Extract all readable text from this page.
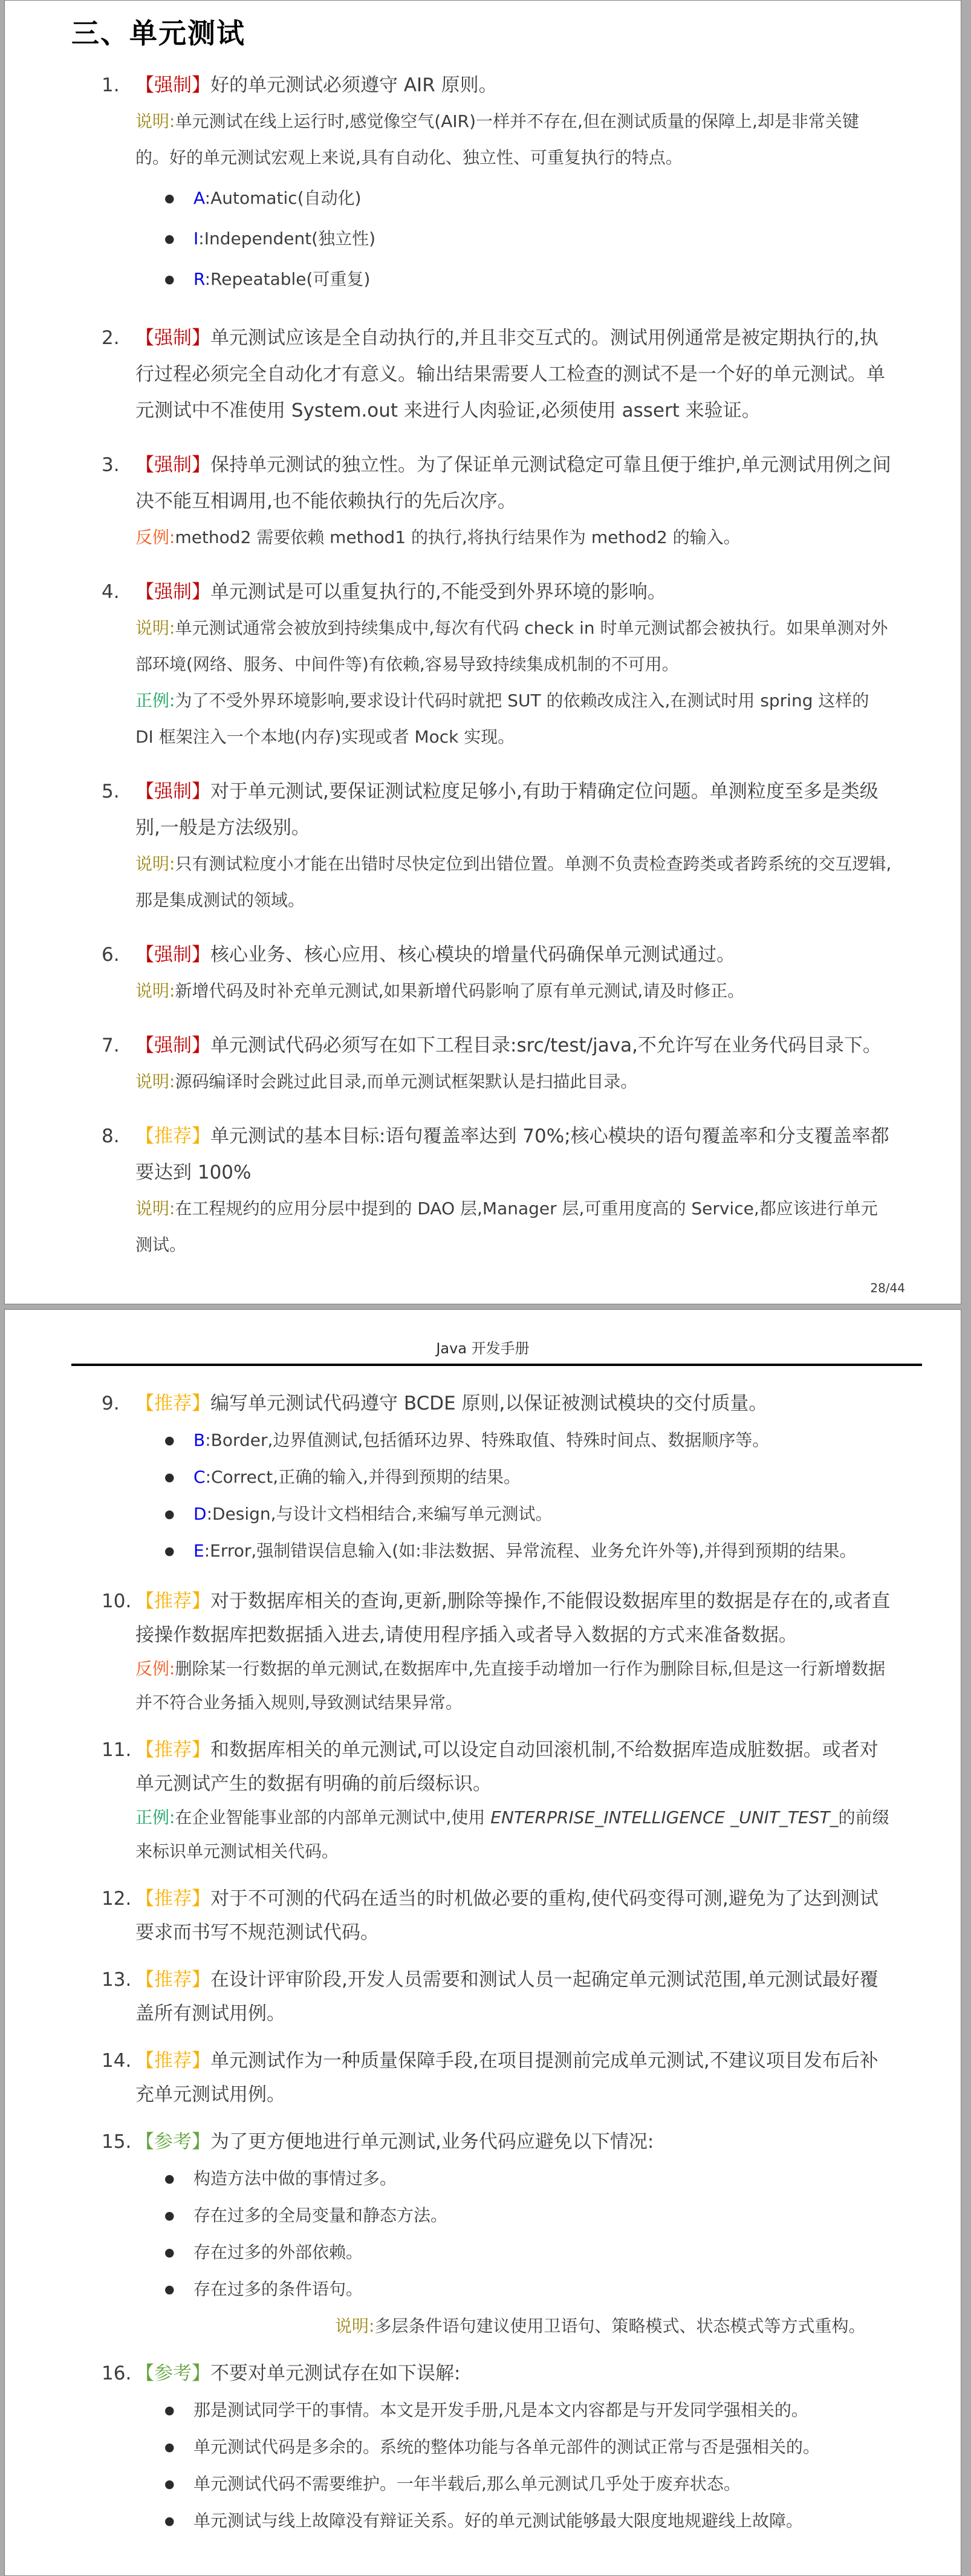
三、单元测试
1. 【强制】好的单元测试必须遵守 AIR 原则。

说明:单元测试在线上运行时,感觉像空气(AIR)一样并不存在,但在测试质量的保障上,却是非常关键的。好的单元测试宏观上来说,具有自动化、独立性、可重复执行的特点。

● A:Automatic(自动化)

● I:Independent(独立性)

● R:Repeatable(可重复)

2. 【强制】单元测试应该是全自动执行的,并且非交互式的。测试用例通常是被定期执行的,执行过程必须完全自动化才有意义。输出结果需要人工检查的测试不是一个好的单元测试。单元测试中不准使用 System.out 来进行人肉验证,必须使用 assert 来验证。

3. 【强制】保持单元测试的独立性。为了保证单元测试稳定可靠且便于维护,单元测试用例之间决不能互相调用,也不能依赖执行的先后次序。

反例:method2 需要依赖 method1 的执行,将执行结果作为 method2 的输入。

4. 【强制】单元测试是可以重复执行的,不能受到外界环境的影响。

说明:单元测试通常会被放到持续集成中,每次有代码 check in 时单元测试都会被执行。如果单测对外部环境(网络、服务、中间件等)有依赖,容易导致持续集成机制的不可用。

正例:为了不受外界环境影响,要求设计代码时就把 SUT 的依赖改成注入,在测试时用 spring 这样的 DI 框架注入一个本地(内存)实现或者 Mock 实现。

5. 【强制】对于单元测试,要保证测试粒度足够小,有助于精确定位问题。单测粒度至多是类级别,一般是方法级别。

说明:只有测试粒度小才能在出错时尽快定位到出错位置。单测不负责检查跨类或者跨系统的交互逻辑,那是集成测试的领域。

6. 【强制】核心业务、核心应用、核心模块的增量代码确保单元测试通过。

说明:新增代码及时补充单元测试,如果新增代码影响了原有单元测试,请及时修正。

7. 【强制】单元测试代码必须写在如下工程目录:src/test/java,不允许写在业务代码目录下。

说明:源码编译时会跳过此目录,而单元测试框架默认是扫描此目录。

8. 【推荐】单元测试的基本目标:语句覆盖率达到 70%;核心模块的语句覆盖率和分支覆盖率都要达到 100%

说明:在工程规约的应用分层中提到的 DAO 层,Manager 层,可重用度高的 Service,都应该进行单元测试。

28/44
Java 开发手册
9. 【推荐】编写单元测试代码遵守 BCDE 原则,以保证被测试模块的交付质量。

● B:Border,边界值测试,包括循环边界、特殊取值、特殊时间点、数据顺序等。

● C:Correct,正确的输入,并得到预期的结果。

● D:Design,与设计文档相结合,来编写单元测试。

● E:Error,强制错误信息输入(如:非法数据、异常流程、业务允许外等),并得到预期的结果。

10. 【推荐】对于数据库相关的查询,更新,删除等操作,不能假设数据库里的数据是存在的,或者直接操作数据库把数据插入进去,请使用程序插入或者导入数据的方式来准备数据。

反例:删除某一行数据的单元测试,在数据库中,先直接手动增加一行作为删除目标,但是这一行新增数据并不符合业务插入规则,导致测试结果异常。

11. 【推荐】和数据库相关的单元测试,可以设定自动回滚机制,不给数据库造成脏数据。或者对单元测试产生的数据有明确的前后缀标识。

正例:在企业智能事业部的内部单元测试中,使用 ENTERPRISE_INTELLIGENCE _UNIT_TEST_的前缀来标识单元测试相关代码。

12. 【推荐】对于不可测的代码在适当的时机做必要的重构,使代码变得可测,避免为了达到测试要求而书写不规范测试代码。

13. 【推荐】在设计评审阶段,开发人员需要和测试人员一起确定单元测试范围,单元测试最好覆盖所有测试用例。

14. 【推荐】单元测试作为一种质量保障手段,在项目提测前完成单元测试,不建议项目发布后补充单元测试用例。

15. 【参考】为了更方便地进行单元测试,业务代码应避免以下情况:

● 构造方法中做的事情过多。

● 存在过多的全局变量和静态方法。

● 存在过多的外部依赖。

● 存在过多的条件语句。

说明:多层条件语句建议使用卫语句、策略模式、状态模式等方式重构。

16. 【参考】不要对单元测试存在如下误解:

● 那是测试同学干的事情。本文是开发手册,凡是本文内容都是与开发同学强相关的。

● 单元测试代码是多余的。系统的整体功能与各单元部件的测试正常与否是强相关的。

● 单元测试代码不需要维护。一年半载后,那么单元测试几乎处于废弃状态。

● 单元测试与线上故障没有辩证关系。好的单元测试能够最大限度地规避线上故障。
